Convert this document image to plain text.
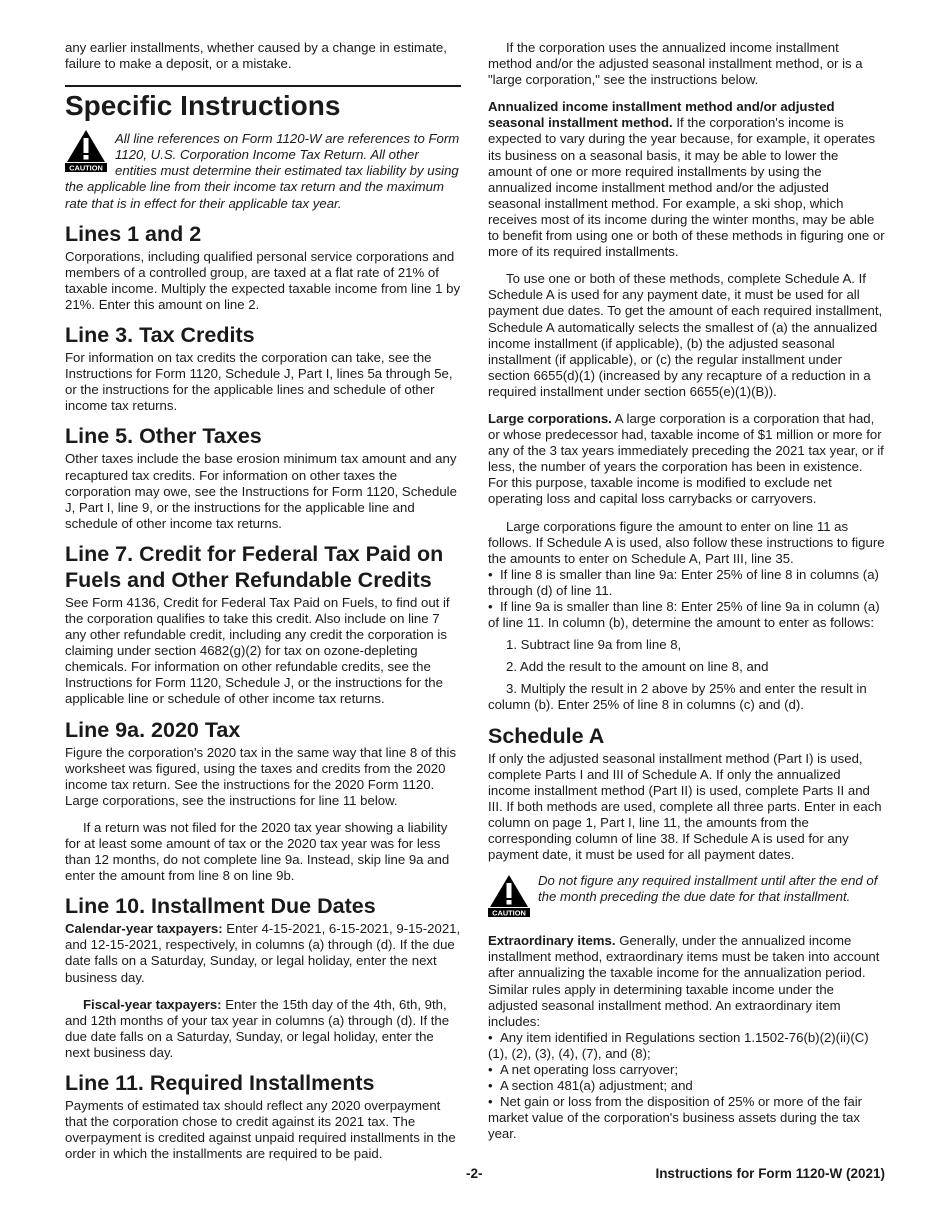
any earlier installments, whether caused by a change in estimate, failure to make a deposit, or a mistake.

Specific Instructions
CAUTION

All line references on Form 1120-W are references to Form 1120, U.S. Corporation Income Tax Return. All other entities must determine their estimated tax liability by using the applicable line from their income tax return and the maximum rate that is in effect for their applicable tax year.

Lines 1 and 2

Corporations, including qualified personal service corporations and members of a controlled group, are taxed at a flat rate of 21% of taxable income. Multiply the expected taxable income from line 1 by 21%. Enter this amount on line 2.

Line 3. Tax Credits

For information on tax credits the corporation can take, see the Instructions for Form 1120, Schedule J, Part I, lines 5a through 5e, or the instructions for the applicable lines and schedule of other income tax returns.

Line 5. Other Taxes

Other taxes include the base erosion minimum tax amount and any recaptured tax credits. For information on other taxes the corporation may owe, see the Instructions for Form 1120, Schedule J, Part I, line 9, or the instructions for the applicable line and schedule of other income tax returns.

Line 7. Credit for Federal Tax Paid on Fuels and Other Refundable Credits

See Form 4136, Credit for Federal Tax Paid on Fuels, to find out if the corporation qualifies to take this credit. Also include on line 7 any other refundable credit, including any credit the corporation is claiming under section 4682(g)(2) for tax on ozone-depleting chemicals. For information on other refundable credits, see the Instructions for Form 1120, Schedule J, or the instructions for the applicable line or schedule of other income tax returns.

Line 9a. 2020 Tax

Figure the corporation's 2020 tax in the same way that line 8 of this worksheet was figured, using the taxes and credits from the 2020 income tax return. See the instructions for the 2020 Form 1120. Large corporations, see the instructions for line 11 below.

If a return was not filed for the 2020 tax year showing a liability for at least some amount of tax or the 2020 tax year was for less than 12 months, do not complete line 9a. Instead, skip line 9a and enter the amount from line 8 on line 9b.

Line 10. Installment Due Dates

Calendar-year taxpayers: Enter 4-15-2021, 6-15-2021, 9-15-2021, and 12-15-2021, respectively, in columns (a) through (d). If the due date falls on a Saturday, Sunday, or legal holiday, enter the next business day.

Fiscal-year taxpayers: Enter the 15th day of the 4th, 6th, 9th, and 12th months of your tax year in columns (a) through (d). If the due date falls on a Saturday, Sunday, or legal holiday, enter the next business day.

Line 11. Required Installments

Payments of estimated tax should reflect any 2020 overpayment that the corporation chose to credit against its 2021 tax. The overpayment is credited against unpaid required installments in the order in which the installments are required to be paid.

If the corporation uses the annualized income installment method and/or the adjusted seasonal installment method, or is a "large corporation," see the instructions below.

Annualized income installment method and/or adjusted seasonal installment method. If the corporation's income is expected to vary during the year because, for example, it operates its business on a seasonal basis, it may be able to lower the amount of one or more required installments by using the annualized income installment method and/or the adjusted seasonal installment method. For example, a ski shop, which receives most of its income during the winter months, may be able to benefit from using one or both of these methods in figuring one or more of its required installments.

To use one or both of these methods, complete Schedule A. If Schedule A is used for any payment date, it must be used for all payment due dates. To get the amount of each required installment, Schedule A automatically selects the smallest of (a) the annualized income installment (if applicable), (b) the adjusted seasonal installment (if applicable), or (c) the regular installment under section 6655(d)(1) (increased by any recapture of a reduction in a required installment under section 6655(e)(1)(B)).

Large corporations. A large corporation is a corporation that had, or whose predecessor had, taxable income of $1 million or more for any of the 3 tax years immediately preceding the 2021 tax year, or if less, the number of years the corporation has been in existence. For this purpose, taxable income is modified to exclude net operating loss and capital loss carrybacks or carryovers.

Large corporations figure the amount to enter on line 11 as follows. If Schedule A is used, also follow these instructions to figure the amounts to enter on Schedule A, Part III, line 35.

•  If line 8 is smaller than line 9a: Enter 25% of line 8 in columns (a) through (d) of line 11.

•  If line 9a is smaller than line 8: Enter 25% of line 9a in column (a) of line 11. In column (b), determine the amount to enter as follows:

1. Subtract line 9a from line 8,

2. Add the result to the amount on line 8, and

3. Multiply the result in 2 above by 25% and enter the result in column (b). Enter 25% of line 8 in columns (c) and (d).

Schedule A

If only the adjusted seasonal installment method (Part I) is used, complete Parts I and III of Schedule A. If only the annualized income installment method (Part II) is used, complete Parts II and III. If both methods are used, complete all three parts. Enter in each column on page 1, Part I, line 11, the amounts from the corresponding column of line 38. If Schedule A is used for any payment date, it must be used for all payment dates.

CAUTION

Do not figure any required installment until after the end of the month preceding the due date for that installment.

Extraordinary items. Generally, under the annualized income installment method, extraordinary items must be taken into account after annualizing the taxable income for the annualization period. Similar rules apply in determining taxable income under the adjusted seasonal installment method. An extraordinary item includes:

•  Any item identified in Regulations section 1.1502-76(b)(2)(ii)(C)(1), (2), (3), (4), (7), and (8);

•  A net operating loss carryover;

•  A section 481(a) adjustment; and

•  Net gain or loss from the disposition of 25% or more of the fair market value of the corporation's business assets during the tax year.

-2-	Instructions for Form 1120-W (2021)
